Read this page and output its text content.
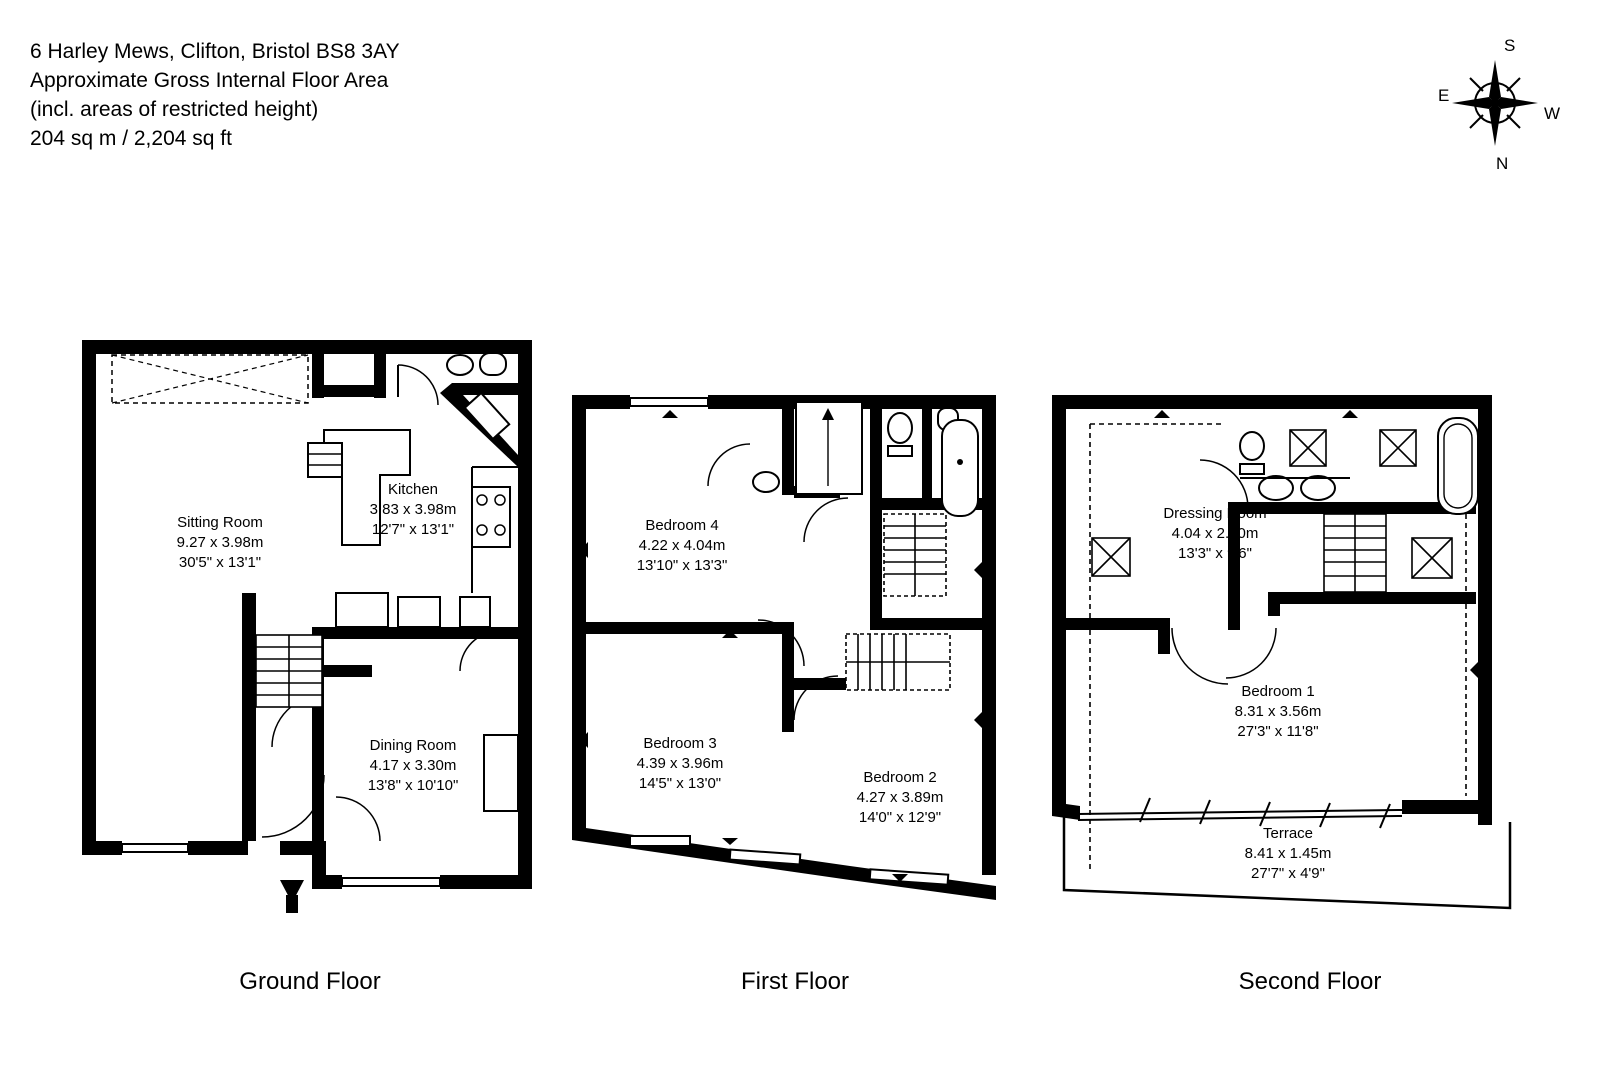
6 Harley Mews, Clifton, Bristol BS8 3AY
Approximate Gross Internal Floor Area
(incl. areas of restricted height)
204 sq m / 2,204 sq ft
S
N
E
W
Sitting Room
9.27 x 3.98m
30'5" x 13'1"
Kitchen
3.83 x 3.98m
12'7" x 13'1"
Dining Room
4.17 x 3.30m
13'8" x 10'10"
Ground Floor
Bedroom 4
4.22 x 4.04m
13'10" x 13'3"
Bedroom 3
4.39 x 3.96m
14'5" x 13'0"	Bedroom 2
4.27 x 3.89m
14'0" x 12'9"
First Floor
Dressing Room
4.04 x 2.90m
13'3" x 9'6"
Bedroom 1
8.31 x 3.56m
27'3" x 11'8"
Terrace
8.41 x 1.45m
27'7" x 4'9"
Second Floor
